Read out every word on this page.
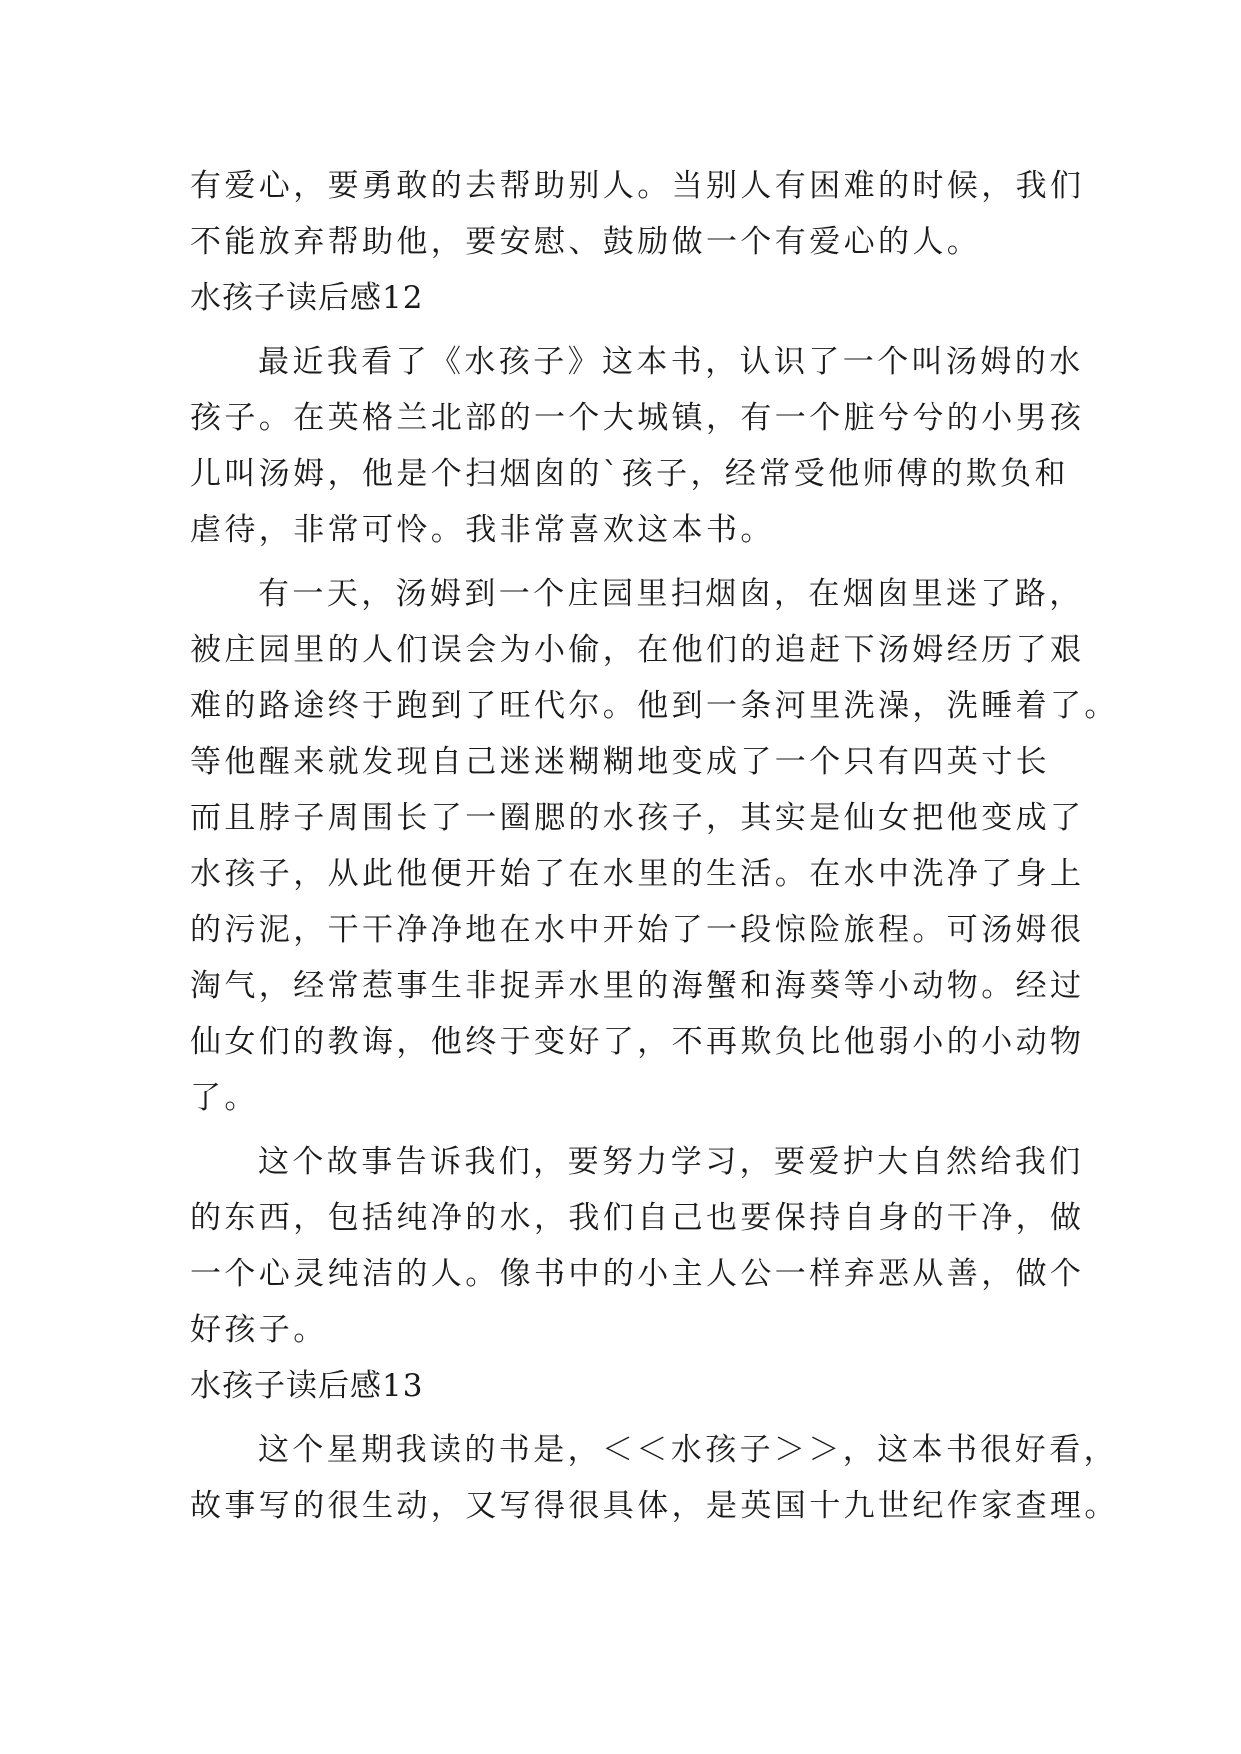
有爱心，要勇敢的去帮助别人。当别人有困难的时候，我们
不能放弃帮助他，要安慰、鼓励做一个有爱心的人。
水孩子读后感12
最近我看了《水孩子》这本书，认识了一个叫汤姆的水
孩子。在英格兰北部的一个大城镇，有一个脏兮兮的小男孩
儿叫汤姆，他是个扫烟囱的`孩子，经常受他师傅的欺负和
虐待，非常可怜。我非常喜欢这本书。
有一天，汤姆到一个庄园里扫烟囱，在烟囱里迷了路，
被庄园里的人们误会为小偷，在他们的追赶下汤姆经历了艰
难的路途终于跑到了旺代尔。他到一条河里洗澡，洗睡着了。
等他醒来就发现自己迷迷糊糊地变成了一个只有四英寸长
而且脖子周围长了一圈腮的水孩子，其实是仙女把他变成了
水孩子，从此他便开始了在水里的生活。在水中洗净了身上
的污泥，干干净净地在水中开始了一段惊险旅程。可汤姆很
淘气，经常惹事生非捉弄水里的海蟹和海葵等小动物。经过
仙女们的教诲，他终于变好了，不再欺负比他弱小的小动物
了。
这个故事告诉我们，要努力学习，要爱护大自然给我们
的东西，包括纯净的水，我们自己也要保持自身的干净，做
一个心灵纯洁的人。像书中的小主人公一样弃恶从善，做个
好孩子。
水孩子读后感13
这个星期我读的书是，＜＜水孩子＞＞，这本书很好看，
故事写的很生动，又写得很具体，是英国十九世纪作家查理。
